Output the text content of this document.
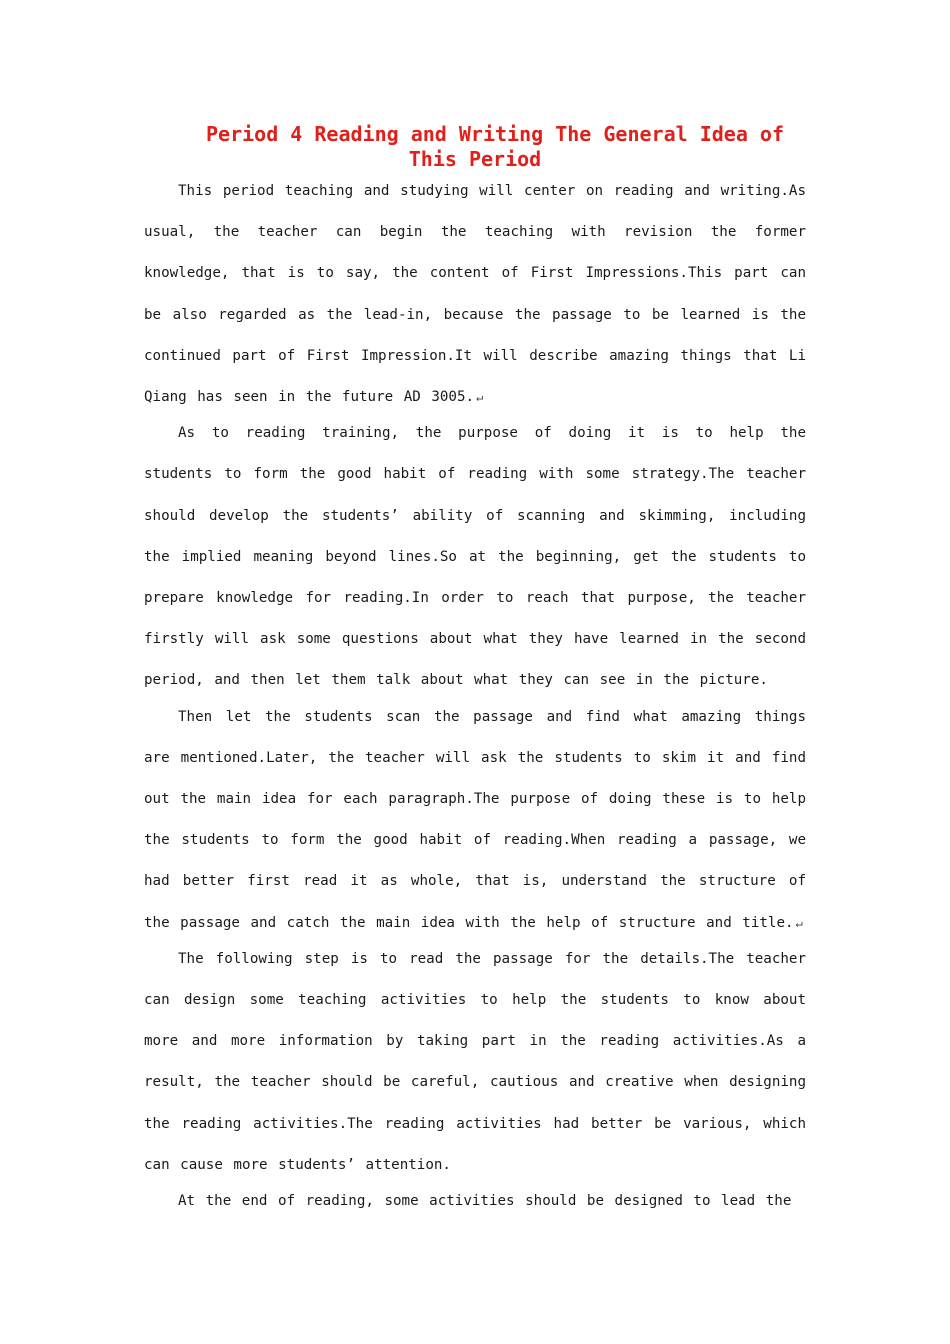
Period 4 Reading and Writing The General Idea of This Period

This period teaching and studying will center on reading and writing.As usual, the teacher can begin the teaching with revision the former knowledge, that is to say, the content of First Impressions.This part can be also regarded as the lead-in, because the passage to be learned is the continued part of First Impression.It will describe amazing things that Li Qiang has seen in the future AD 3005. ↵

As to reading training, the purpose of doing it is to help the students to form the good habit of reading with some strategy.The teacher should develop the students’ ability of scanning and skimming, including the implied meaning beyond lines.So at the beginning, get the students to prepare knowledge for reading.In order to reach that purpose, the teacher firstly will ask some questions about what they have learned in the second period, and then let them talk about what they can see in the picture.

Then let the students scan the passage and find what amazing things are mentioned.Later, the teacher will ask the students to skim it and find out the main idea for each paragraph.The purpose of doing these is to help the students to form the good habit of reading.When reading a passage, we had better first read it as whole, that is, understand the structure of the passage and catch the main idea with the help of structure and title. ↵

The following step is to read the passage for the details.The teacher can design some teaching activities to help the students to know about more and more information by taking part in the reading activities.As a result, the teacher should be careful, cautious and creative when designing the reading activities.The reading activities had better be various, which can cause more students’ attention.

At the end of reading, some activities should be designed to lead the
